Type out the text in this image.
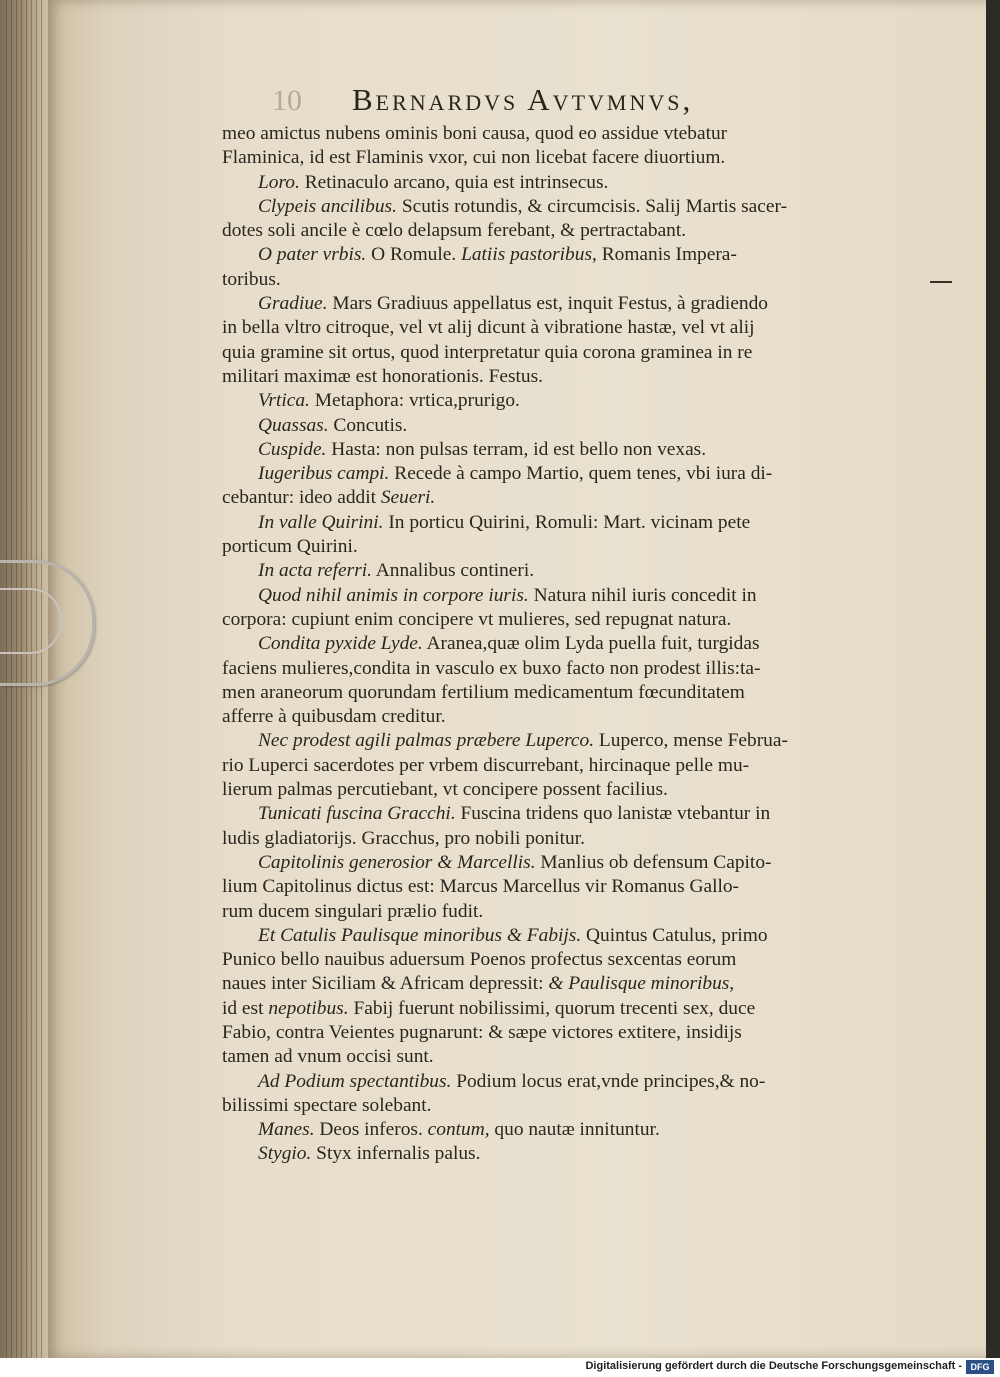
10 Bernardvs Avtvmnvs,
meo amictus nubens ominis boni causa, quod eo assidue vtebatur
Flaminica, id est Flaminis vxor, cui non licebat facere diuortium.
Loro. Retinaculo arcano, quia est intrinsecus.
Clypeis ancilibus. Scutis rotundis, & circumcisis. Salij Martis sacer-
dotes soli ancile è cœlo delapsum ferebant, & pertractabant.
O pater vrbis. O Romule. Latiis pastoribus, Romanis Impera-
toribus.
Gradiue. Mars Gradiuus appellatus est, inquit Festus, à gradiendo
in bella vltro citroque, vel vt alij dicunt à vibratione hastæ, vel vt alij
quia gramine sit ortus, quod interpretatur quia corona graminea in re
militari maximæ est honorationis. Festus.
Vrtica. Metaphora: vrtica,prurigo.
Quassas. Concutis.
Cuspide. Hasta: non pulsas terram, id est bello non vexas.
Iugeribus campi. Recede à campo Martio, quem tenes, vbi iura di-
cebantur: ideo addit Seueri.
In valle Quirini. In porticu Quirini, Romuli: Mart. vicinam pete
porticum Quirini.
In acta referri. Annalibus contineri.
Quod nihil animis in corpore iuris. Natura nihil iuris concedit in
corpora: cupiunt enim concipere vt mulieres, sed repugnat natura.
Condita pyxide Lyde. Aranea,quæ olim Lyda puella fuit, turgidas
faciens mulieres,condita in vasculo ex buxo facto non prodest illis:ta-
men araneorum quorundam fertilium medicamentum fœcunditatem
afferre à quibusdam creditur.
Nec prodest agili palmas præbere Luperco. Luperco, mense Februa-
rio Luperci sacerdotes per vrbem discurrebant, hircinaque pelle mu-
lierum palmas percutiebant, vt concipere possent facilius.
Tunicati fuscina Gracchi. Fuscina tridens quo lanistæ vtebantur in
ludis gladiatorijs. Gracchus, pro nobili ponitur.
Capitolinis generosior & Marcellis. Manlius ob defensum Capito-
lium Capitolinus dictus est: Marcus Marcellus vir Romanus Gallo-
rum ducem singulari prælio fudit.
Et Catulis Paulisque minoribus & Fabijs. Quintus Catulus, primo
Punico bello nauibus aduersum Poenos profectus sexcentas eorum
naues inter Siciliam & Africam depressit: & Paulisque minoribus,
id est nepotibus. Fabij fuerunt nobilissimi, quorum trecenti sex, duce
Fabio, contra Veientes pugnarunt: & sæpe victores extitere, insidijs
tamen ad vnum occisi sunt.
Ad Podium spectantibus. Podium locus erat,vnde principes,& no-
bilissimi spectare solebant.
Manes. Deos inferos. contum, quo nautæ innituntur.
Stygio. Styx infernalis palus.
Digitalisierung gefördert durch die Deutsche Forschungsgemeinschaft - DFG
